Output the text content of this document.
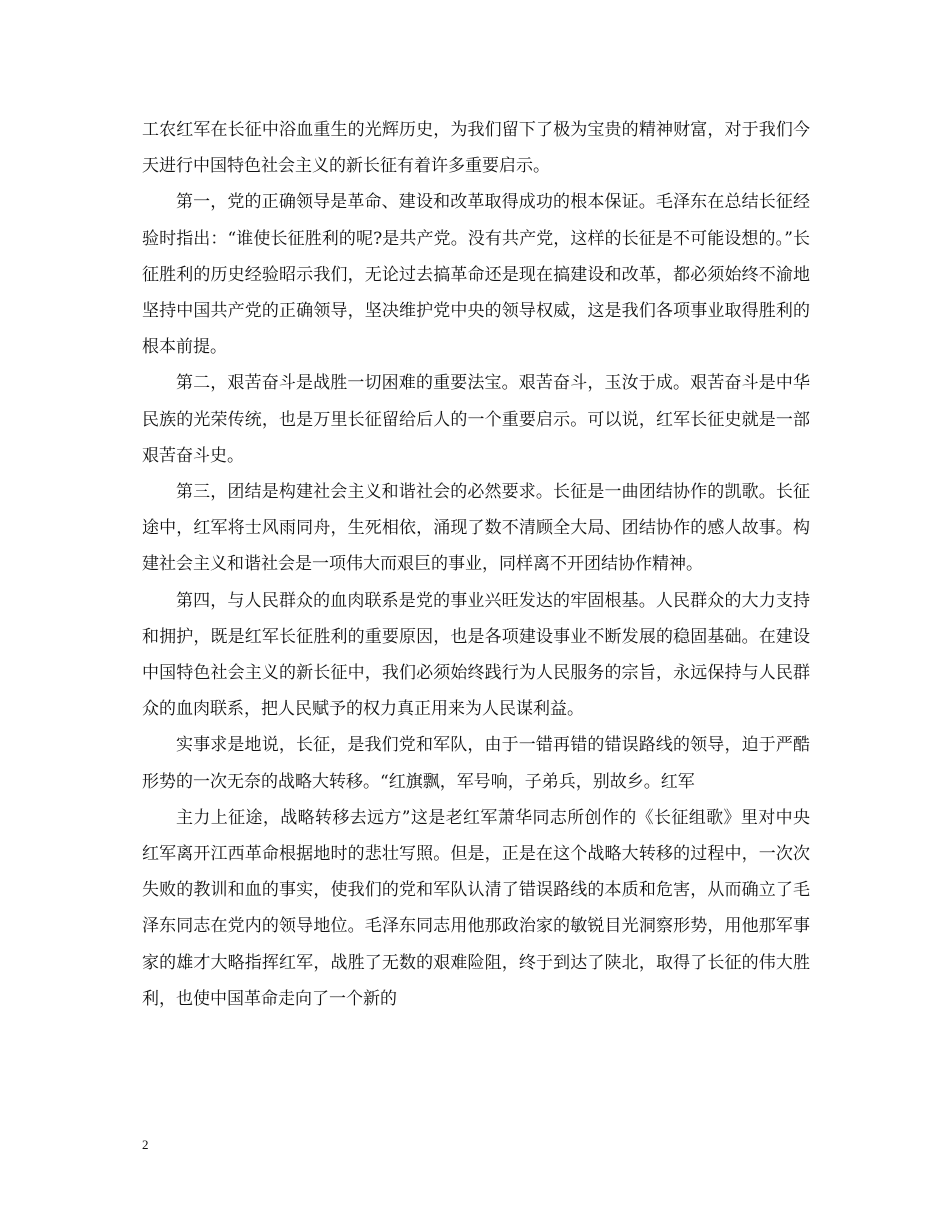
工农红军在长征中浴血重生的光辉历史，为我们留下了极为宝贵的精神财富，对于我们今天进行中国特色社会主义的新长征有着许多重要启示。

第一，党的正确领导是革命、建设和改革取得成功的根本保证。毛泽东在总结长征经验时指出：“谁使长征胜利的呢?是共产党。没有共产党，这样的长征是不可能设想的。”长征胜利的历史经验昭示我们，无论过去搞革命还是现在搞建设和改革，都必须始终不渝地坚持中国共产党的正确领导，坚决维护党中央的领导权威，这是我们各项事业取得胜利的根本前提。

第二，艰苦奋斗是战胜一切困难的重要法宝。艰苦奋斗，玉汝于成。艰苦奋斗是中华民族的光荣传统，也是万里长征留给后人的一个重要启示。可以说，红军长征史就是一部艰苦奋斗史。

第三，团结是构建社会主义和谐社会的必然要求。长征是一曲团结协作的凯歌。长征途中，红军将士风雨同舟，生死相依，涌现了数不清顾全大局、团结协作的感人故事。构建社会主义和谐社会是一项伟大而艰巨的事业，同样离不开团结协作精神。

第四，与人民群众的血肉联系是党的事业兴旺发达的牢固根基。人民群众的大力支持和拥护，既是红军长征胜利的重要原因，也是各项建设事业不断发展的稳固基础。在建设中国特色社会主义的新长征中，我们必须始终践行为人民服务的宗旨，永远保持与人民群众的血肉联系，把人民赋予的权力真正用来为人民谋利益。

实事求是地说，长征，是我们党和军队，由于一错再错的错误路线的领导，迫于严酷形势的一次无奈的战略大转移。“红旗飘，军号响，子弟兵，别故乡。红军

主力上征途，战略转移去远方”这是老红军萧华同志所创作的《长征组歌》里对中央红军离开江西革命根据地时的悲壮写照。但是，正是在这个战略大转移的过程中，一次次失败的教训和血的事实，使我们的党和军队认清了错误路线的本质和危害，从而确立了毛泽东同志在党内的领导地位。毛泽东同志用他那政治家的敏锐目光洞察形势，用他那军事家的雄才大略指挥红军，战胜了无数的艰难险阻，终于到达了陕北，取得了长征的伟大胜利，也使中国革命走向了一个新的

2
